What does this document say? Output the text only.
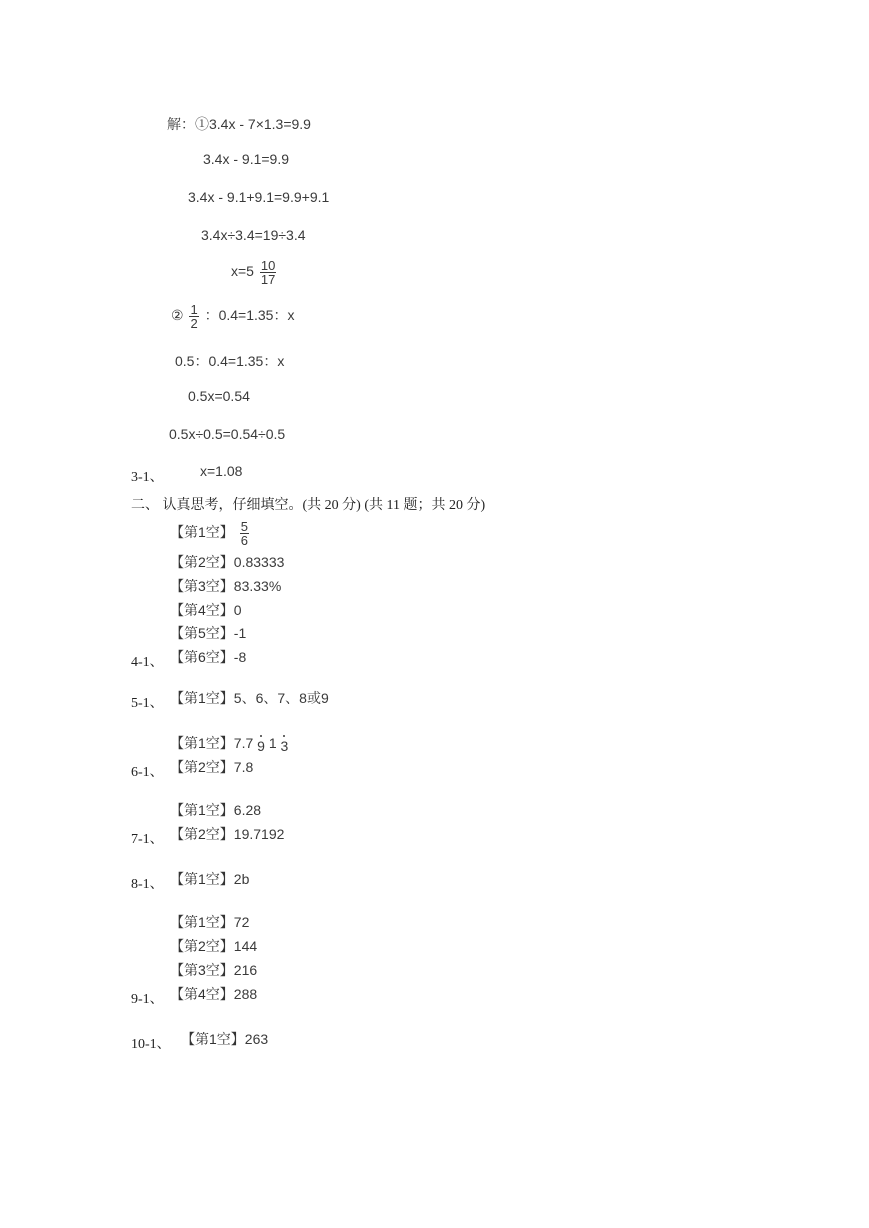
解：①3.4x - 7×1.3=9.9
3.4x - 9.1=9.9
3.4x - 9.1+9.1=9.9+9.1
3.4x÷3.4=19÷3.4
$x=5 \frac{10}{17}$
② $\frac{1}{2}$ ：0.4=1.35：x
0.5：0.4=1.35：x
0.5x=0.54
0.5x÷0.5=0.54÷0.5
3-1、	x=1.08
二、 认真思考，仔细填空。(共 20 分) (共 11 题；共 20 分)
【第1空】 $\frac{5}{6}$
【第2空】0.83333
【第3空】83.33%
【第4空】0
【第5空】-1
4-1、 【第6空】-8
5-1、 【第1空】5、6、7、8或9
【第1空】7.7 9 1 3
6-1、 【第2空】7.8
【第1空】6.28
7-1、 【第2空】19.7192
8-1、 【第1空】2b
【第1空】72
【第2空】144
【第3空】216
9-1、 【第4空】288
10-1、 【第1空】263
